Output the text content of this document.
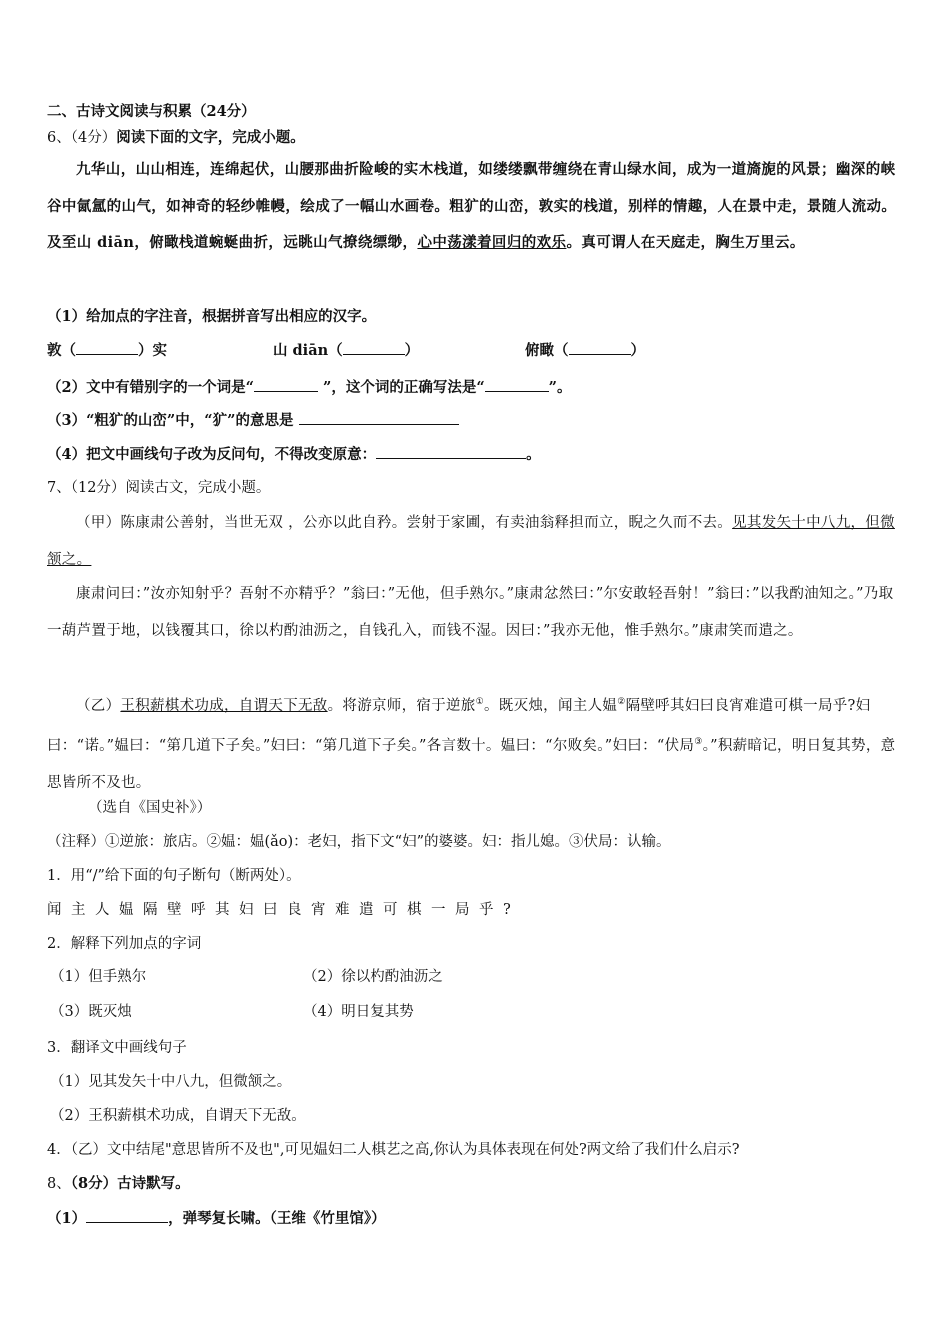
二、古诗文阅读与积累（24分）
6、（4分）阅读下面的文字，完成小题。
九华山，山山相连，连绵起伏，山腰那曲折险峻的实木栈道，如缕缕飘带缠绕在青山绿水间，成为一道旖旎的风景；幽深的峡谷中氤氲的山气，如神奇的轻纱帷幔，绘成了一幅山水画卷。粗犷的山峦，敦实的栈道，别样的情趣，人在景中走，景随人流动。及至山 diān，俯瞰栈道蜿蜒曲折，远眺山气撩绕缥缈，心中荡漾着回归的欢乐。真可谓人在天庭走，胸生万里云。
（1）给加点的字注音，根据拼音写出相应的汉字。
敦（	）实	山 diān（	）	俯瞰（	）
（2）文中有错别字的一个词是“	”，这个词的正确写法是“	”。
（3）“粗犷的山峦”中，“犷”的意思是
（4）把文中画线句子改为反问句，不得改变原意：	。
7、（12分）阅读古文，完成小题。
（甲）陈康肃公善射，当世无双 ，公亦以此自矜。尝射于家圃，有卖油翁释担而立，睨之久而不去。见其发矢十中八九，但微颔之。
康肃问曰：”汝亦知射乎？吾射不亦精乎？”翁曰：”无他，但手熟尔。”康肃忿然曰：”尔安敢轻吾射！”翁曰：”以我酌油知之。”乃取一葫芦置于地，以钱覆其口，徐以杓酌油沥之，自钱孔入，而钱不湿。因曰：”我亦无他，惟手熟尔。”康肃笑而遣之。
（乙）王积薪棋术功成，自谓天下无敌。将游京师，宿于逆旅①。既灭烛，闻主人媪②隔壁呼其妇曰良宵难遣可棋一局乎?妇曰：“诺。”媪曰：“第几道下子矣。”妇曰：“第几道下子矣。”各言数十。媪曰：“尔败矣。”妇曰：“伏局③。”积薪暗记，明日复其势，意思皆所不及也。
（选自《国史补》）
（注释）①逆旅：旅店。②媪：媪(ǎo)：老妇，指下文“妇”的婆婆。妇：指儿媳。③伏局：认输。
1．用“/”给下面的句子断句（断两处）。
闻主人媪隔壁呼其妇曰良宵难遣可棋一局乎?
2．解释下列加点的字词
（1）但手熟尔	（2）徐以杓酌油沥之
（3）既灭烛	（4）明日复其势
3．翻译文中画线句子
（1）见其发矢十中八九，但微颔之。
（2）王积薪棋术功成，自谓天下无敌。
4．（乙）文中结尾"意思皆所不及也",可见媪妇二人棋艺之高,你认为具体表现在何处?两文给了我们什么启示?
8、（8分）古诗默写。
（1）	，弹琴复长啸。（王维《竹里馆》）
